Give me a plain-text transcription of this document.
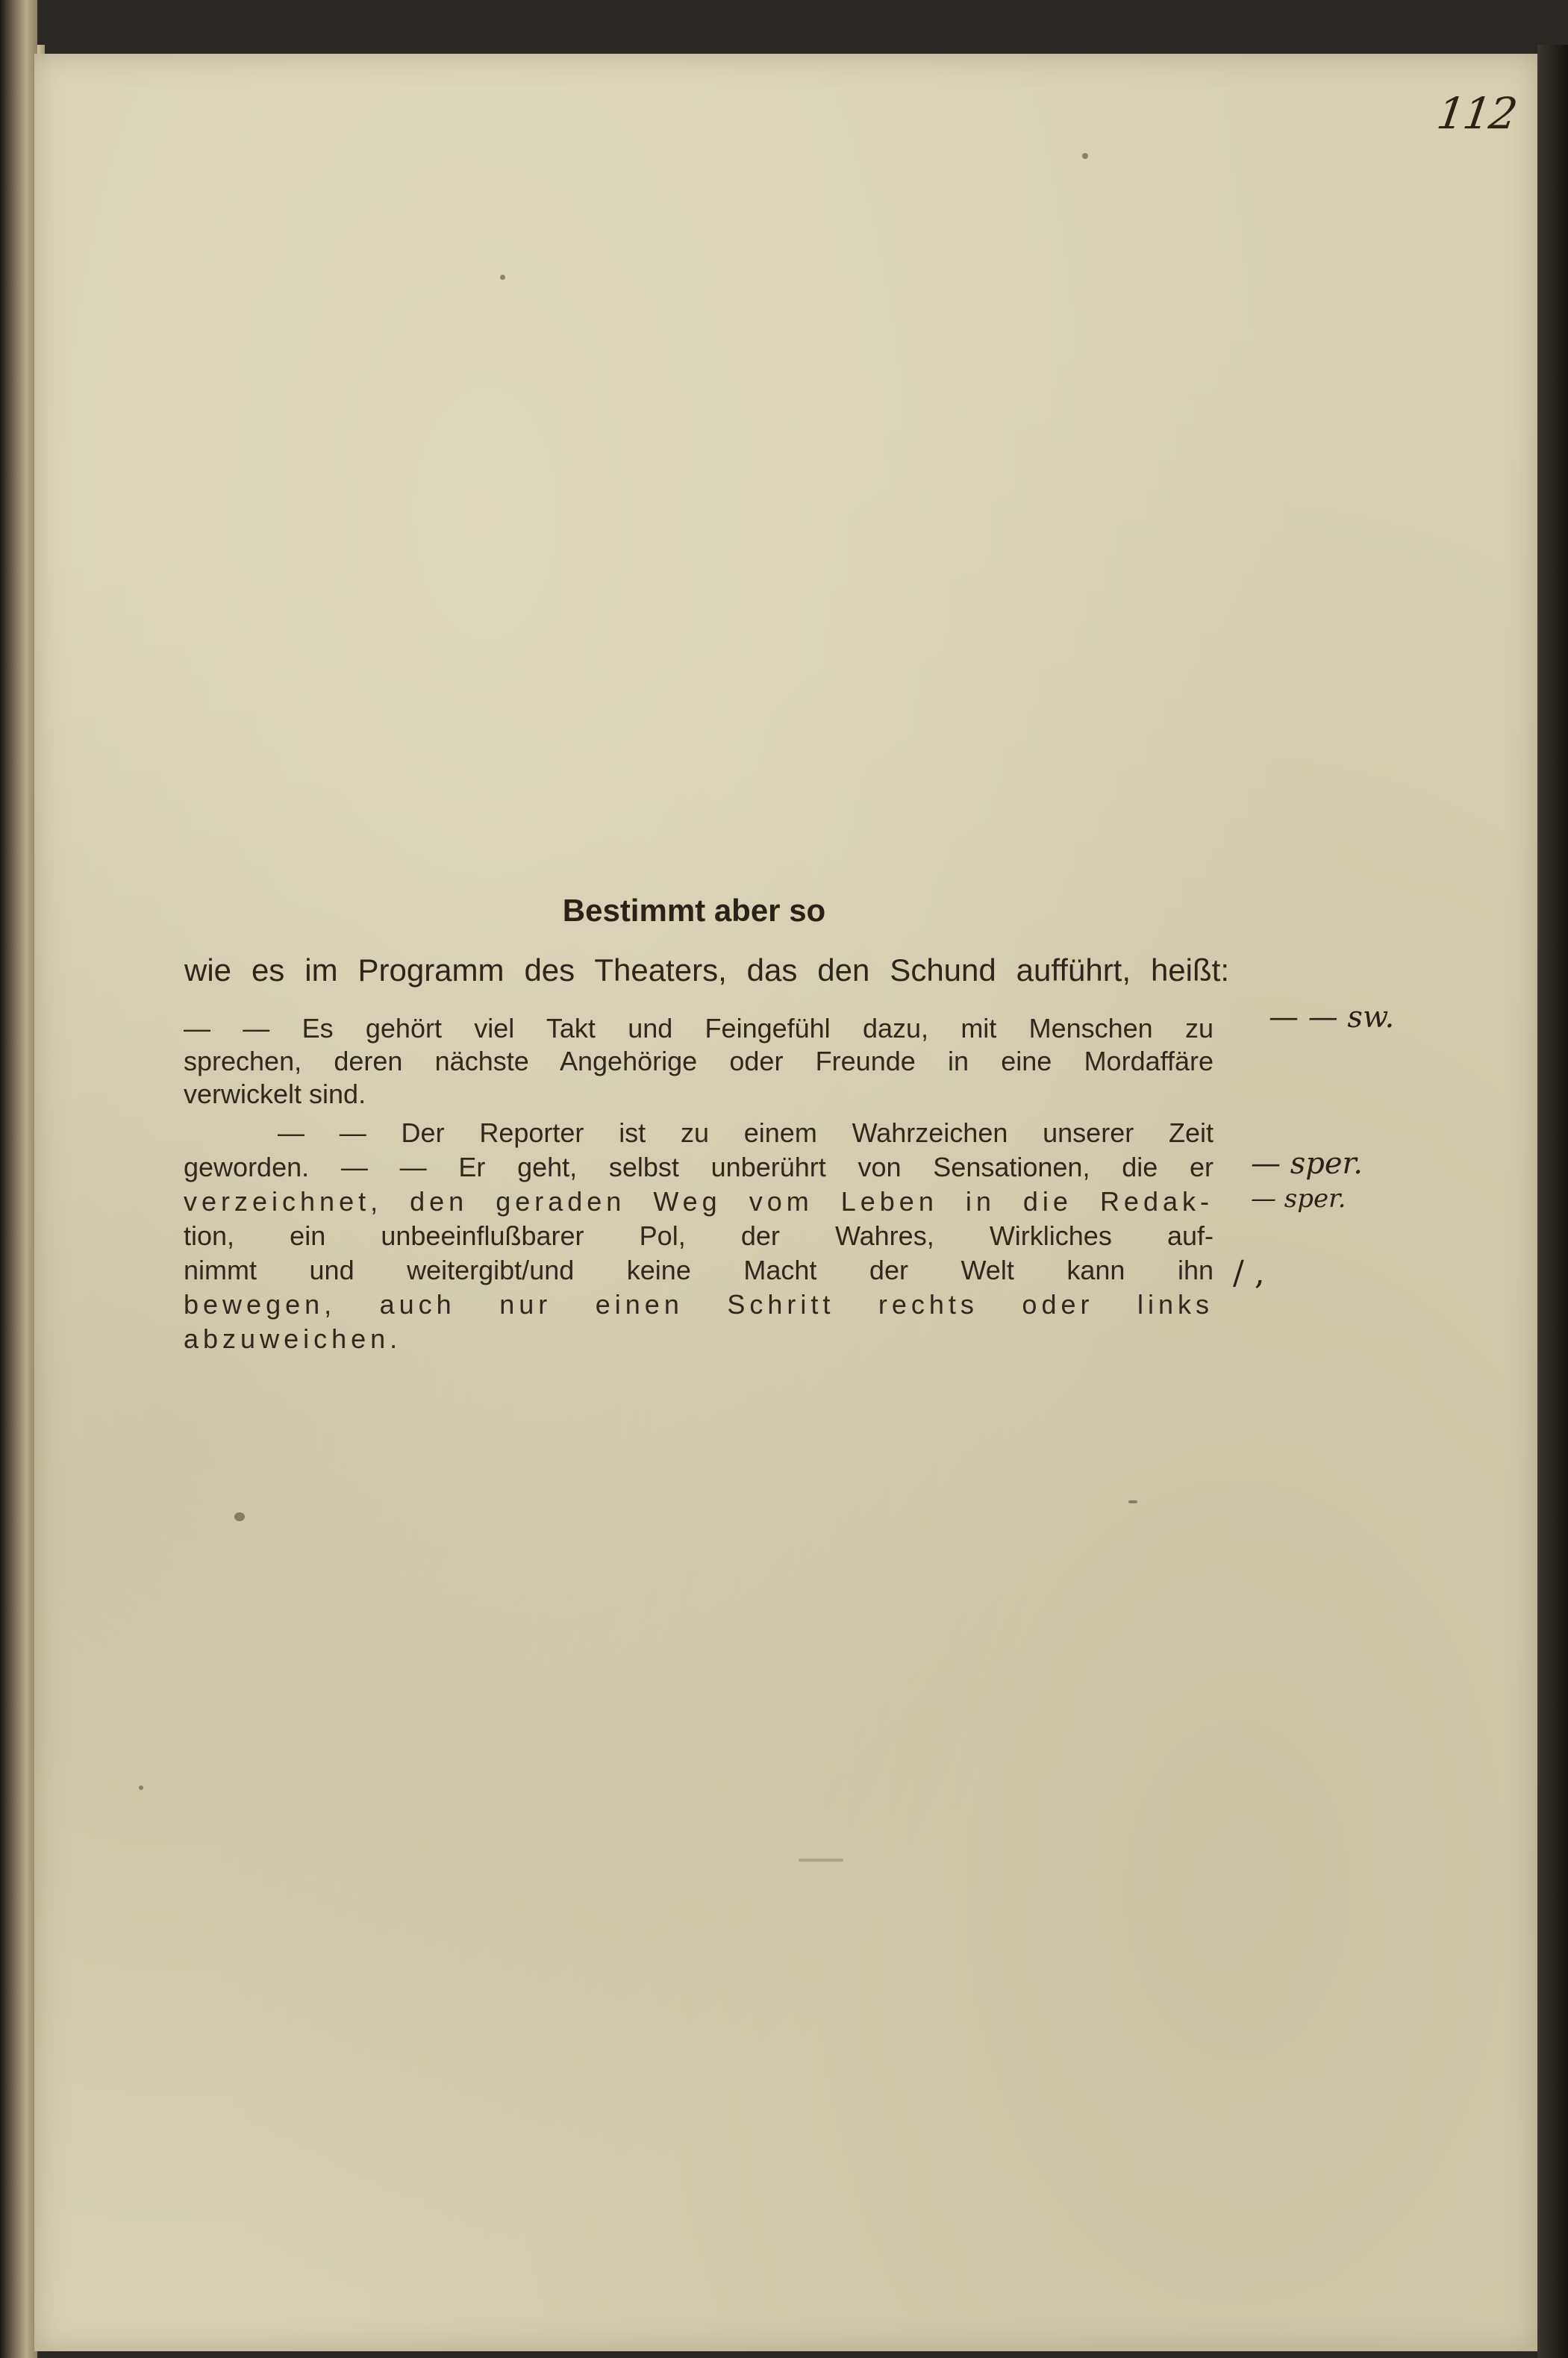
112
Bestimmt aber so
wie es im Programm des Theaters, das den Schund aufführt, heißt:
— — Es gehört viel Takt und Feingefühl dazu, mit Menschen zu
sprechen, deren nächste Angehörige oder Freunde in eine Mordaffäre
verwickelt sind.
— — Der Reporter ist zu einem Wahrzeichen unserer Zeit
geworden. — — Er geht, selbst unberührt von Sensationen, die er
verzeichnet, den geraden Weg vom Leben in die Redak-
tion, ein unbeeinflußbarer Pol, der Wahres, Wirkliches auf-
nimmt und weitergibt/und keine Macht der Welt kann ihn
bewegen, auch nur einen Schritt rechts oder links
abzuweichen.
— — sw.
— sper.
— sper.
/ ,
